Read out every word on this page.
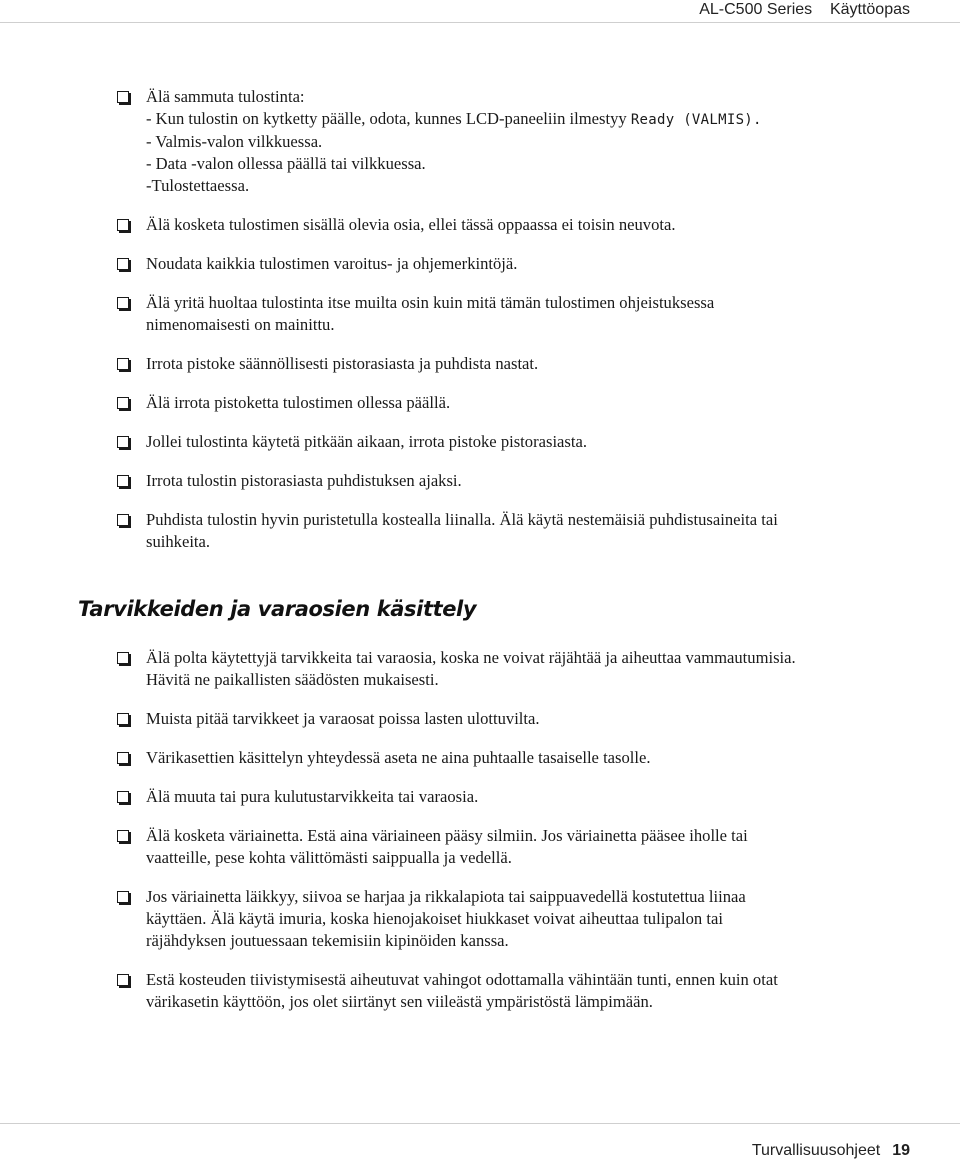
AL-C500 Series    Käyttöopas
Älä sammuta tulostinta:
- Kun tulostin on kytketty päälle, odota, kunnes LCD-paneeliin ilmestyy Ready (VALMIS).
- Valmis-valon vilkkuessa.
- Data -valon ollessa päällä tai vilkkuessa.
-Tulostettaessa.
Älä kosketa tulostimen sisällä olevia osia, ellei tässä oppaassa ei toisin neuvota.
Noudata kaikkia tulostimen varoitus- ja ohjemerkintöjä.
Älä yritä huoltaa tulostinta itse muilta osin kuin mitä tämän tulostimen ohjeistuksessa
nimenomaisesti on mainittu.
Irrota pistoke säännöllisesti pistorasiasta ja puhdista nastat.
Älä irrota pistoketta tulostimen ollessa päällä.
Jollei tulostinta käytetä pitkään aikaan, irrota pistoke pistorasiasta.
Irrota tulostin pistorasiasta puhdistuksen ajaksi.
Puhdista tulostin hyvin puristetulla kostealla liinalla. Älä käytä nestemäisiä puhdistusaineita tai
suihkeita.
Tarvikkeiden ja varaosien käsittely
Älä polta käytettyjä tarvikkeita tai varaosia, koska ne voivat räjähtää ja aiheuttaa vammautumisia.
Hävitä ne paikallisten säädösten mukaisesti.
Muista pitää tarvikkeet ja varaosat poissa lasten ulottuvilta.
Värikasettien käsittelyn yhteydessä aseta ne aina puhtaalle tasaiselle tasolle.
Älä muuta tai pura kulutustarvikkeita tai varaosia.
Älä kosketa väriainetta. Estä aina väriaineen pääsy silmiin. Jos väriainetta pääsee iholle tai
vaatteille, pese kohta välittömästi saippualla ja vedellä.
Jos väriainetta läikkyy, siivoa se harjaa ja rikkalapiota tai saippuavedellä kostutettua liinaa
käyttäen. Älä käytä imuria, koska hienojakoiset hiukkaset voivat aiheuttaa tulipalon tai
räjähdyksen joutuessaan tekemisiin kipinöiden kanssa.
Estä kosteuden tiivistymisestä aiheutuvat vahingot odottamalla vähintään tunti, ennen kuin otat
värikasetin käyttöön, jos olet siirtänyt sen viileästä ympäristöstä lämpimään.
Turvallisuusohjeet 19
